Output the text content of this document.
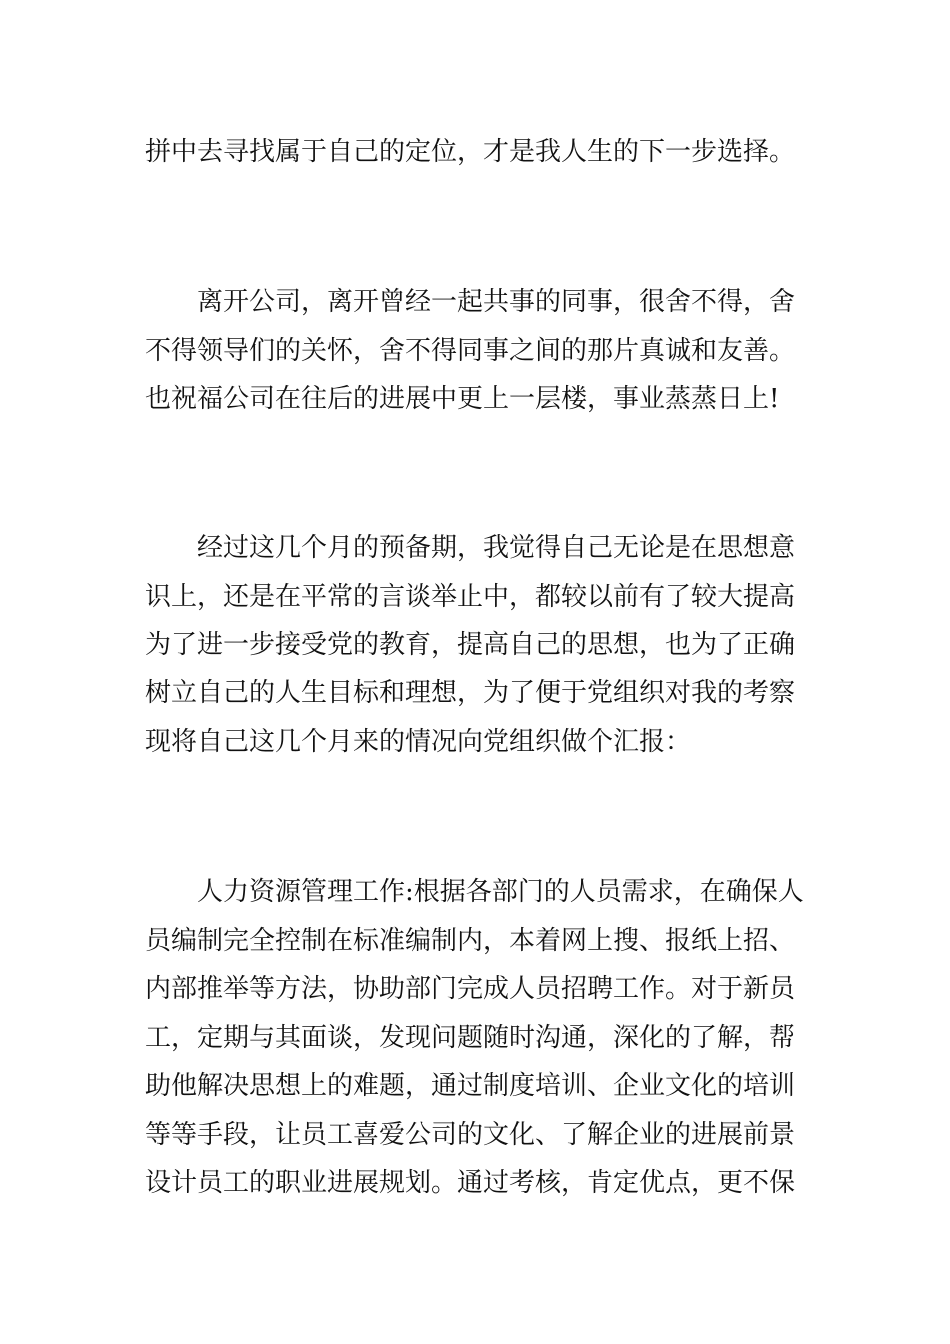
拼中去寻找属于自己的定位，才是我人生的下一步选择。
离开公司，离开曾经一起共事的同事，很舍不得，舍
不得领导们的关怀，舍不得同事之间的那片真诚和友善。
也祝福公司在往后的进展中更上一层楼，事业蒸蒸日上!
经过这几个月的预备期，我觉得自己无论是在思想意
识上，还是在平常的言谈举止中，都较以前有了较大提高
为了进一步接受党的教育，提高自己的思想，也为了正确
树立自己的人生目标和理想，为了便于党组织对我的考察
现将自己这几个月来的情况向党组织做个汇报：
人力资源管理工作:根据各部门的人员需求，在确保人
员编制完全控制在标准编制内，本着网上搜、报纸上招、
内部推举等方法，协助部门完成人员招聘工作。对于新员
工，定期与其面谈，发现问题随时沟通，深化的了解，帮
助他解决思想上的难题，通过制度培训、企业文化的培训
等等手段，让员工喜爱公司的文化、了解企业的进展前景
设计员工的职业进展规划。通过考核，肯定优点，更不保
